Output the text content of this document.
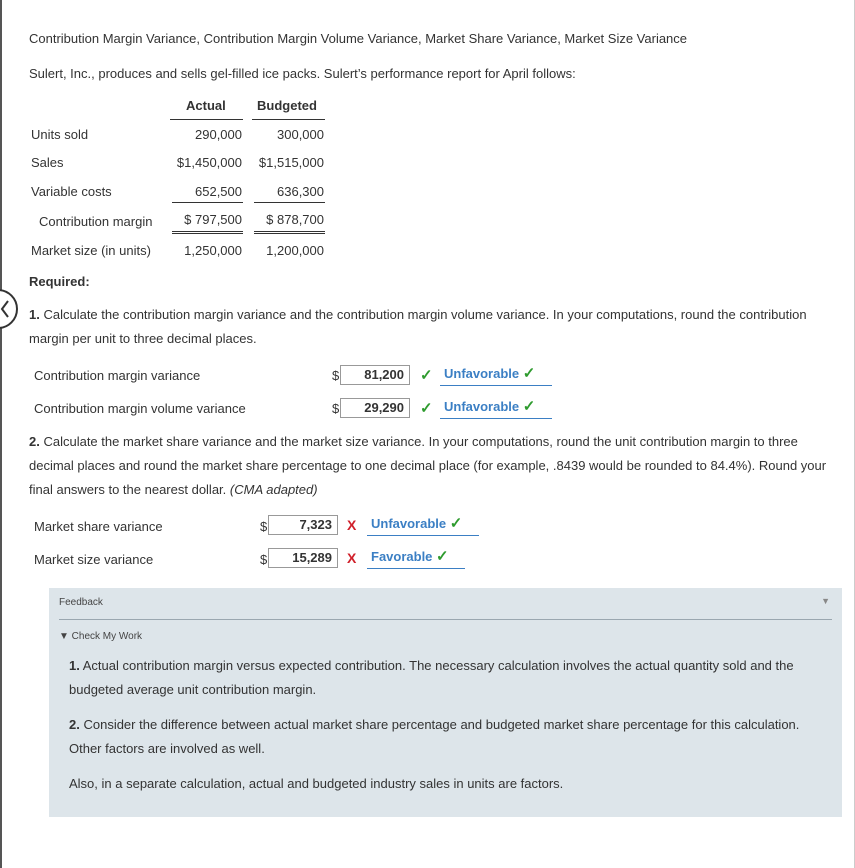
Contribution Margin Variance, Contribution Margin Volume Variance, Market Share Variance, Market Size Variance
Sulert, Inc., produces and sells gel-filled ice packs. Sulert’s performance report for April follows:
Actual Budgeted
Units sold	290,000	300,000
Sales	$1,450,000 $1,515,000
Variable costs	652,500	636,300
Contribution margin $ 797,500 $ 878,700
Market size (in units)	1,250,000 1,200,000
Required:
1. Calculate the contribution margin variance and the contribution margin volume variance. In your computations, round the contribution margin per unit to three decimal places.
Contribution margin variance	$	81,200	✓ Unfavorable ✓
Contribution margin volume variance	$	29,290	✓ Unfavorable ✓
2. Calculate the market share variance and the market size variance. In your computations, round the unit contribution margin to three decimal places and round the market share percentage to one decimal place (for example, .8439 would be rounded to 84.4%). Round your final answers to the nearest dollar. (CMA adapted)
Market share variance	$	7,323	X	Unfavorable ✓
Market size variance	$	15,289	X	Favorable ✓
Feedback	▼
▼ Check My Work
1. Actual contribution margin versus expected contribution. The necessary calculation involves the actual quantity sold and the budgeted average unit contribution margin.
2. Consider the difference between actual market share percentage and budgeted market share percentage for this calculation. Other factors are involved as well.
Also, in a separate calculation, actual and budgeted industry sales in units are factors.
